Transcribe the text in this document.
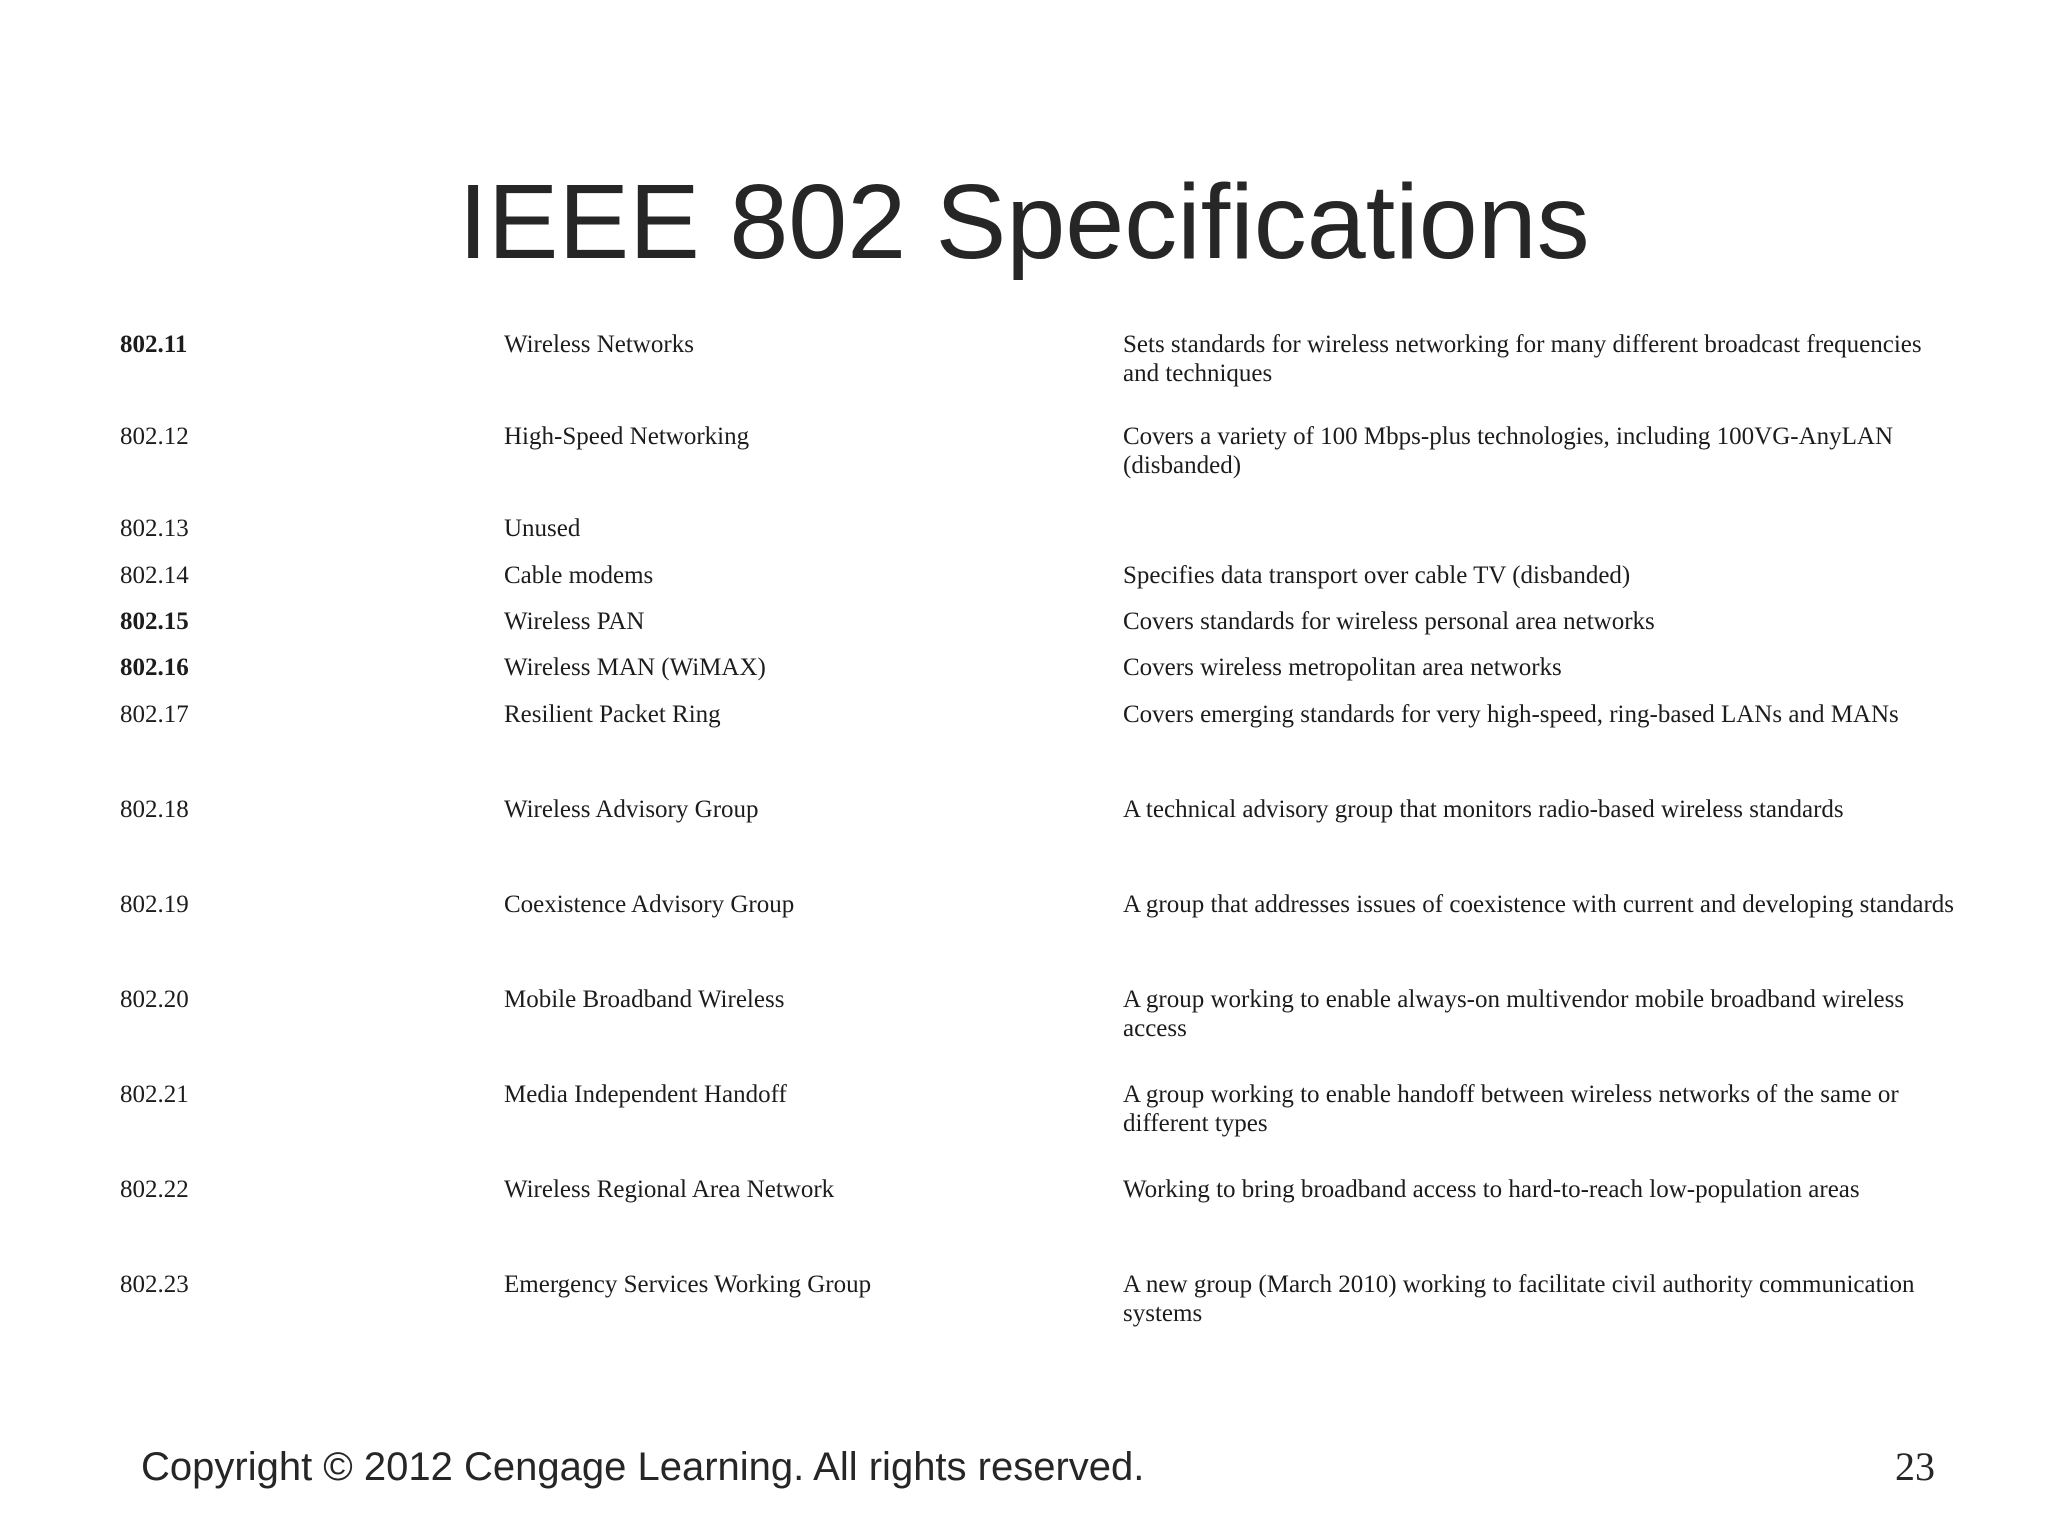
IEEE 802 Specifications
802.11	Wireless Networks	Sets standards for wireless networking for many different broadcast frequencies and techniques
802.12	High-Speed Networking	Covers a variety of 100 Mbps-plus technologies, including 100VG-AnyLAN (disbanded)
802.13	Unused	
802.14	Cable modems	Specifies data transport over cable TV (disbanded)
802.15	Wireless PAN	Covers standards for wireless personal area networks
802.16	Wireless MAN (WiMAX)	Covers wireless metropolitan area networks
802.17	Resilient Packet Ring	Covers emerging standards for very high-speed, ring-based LANs and MANs
802.18	Wireless Advisory Group	A technical advisory group that monitors radio-based wireless standards
802.19	Coexistence Advisory Group	A group that addresses issues of coexistence with current and developing standards
802.20	Mobile Broadband Wireless	A group working to enable always-on multivendor mobile broadband wireless access
802.21	Media Independent Handoff	A group working to enable handoff between wireless networks of the same or different types
802.22	Wireless Regional Area Network	Working to bring broadband access to hard-to-reach low-population areas
802.23	Emergency Services Working Group	A new group (March 2010) working to facilitate civil authority communication systems
Copyright © 2012 Cengage Learning. All rights reserved.	23
